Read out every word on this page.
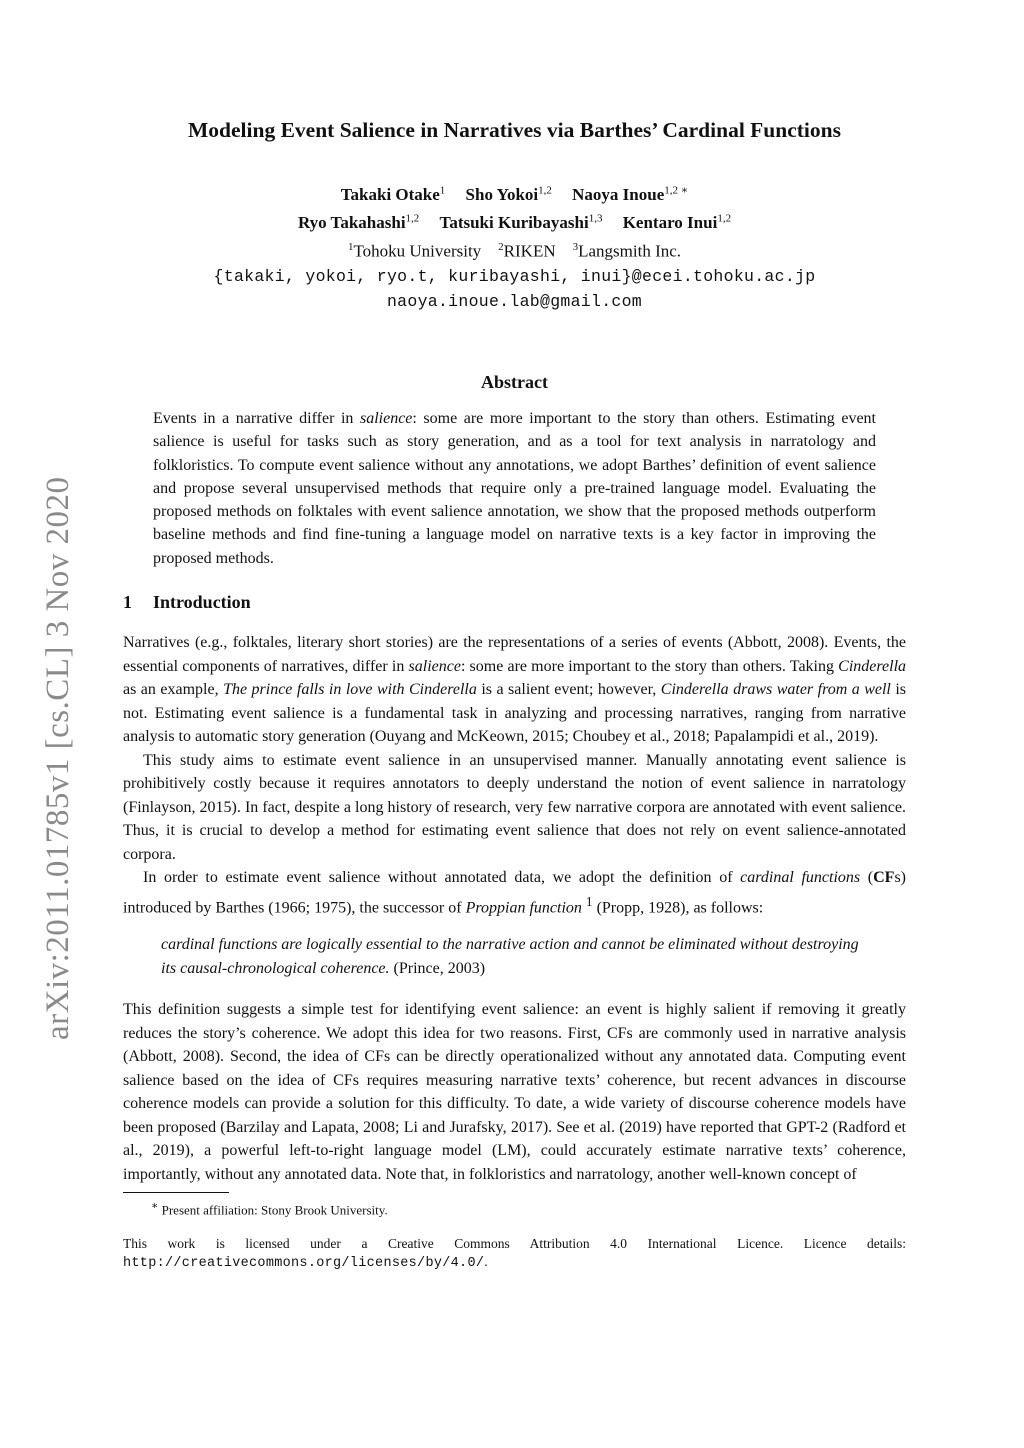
arXiv:2011.01785v1 [cs.CL] 3 Nov 2020
Modeling Event Salience in Narratives via Barthes’ Cardinal Functions
Takaki Otake$^1$ Sho Yokoi$^{1,2}$ Naoya Inoue$^{1,2 ∗}$
Ryo Takahashi$^{1,2}$ Tatsuki Kuribayashi$^{1,3}$ Kentaro Inui$^{1,2}$
$^1$Tohoku University $^2$RIKEN $^3$Langsmith Inc.
{takaki, yokoi, ryo.t, kuribayashi, inui}@ecei.tohoku.ac.jp
naoya.inoue.lab@gmail.com
Abstract

Events in a narrative differ in salience: some are more important to the story than others. Estimating event salience is useful for tasks such as story generation, and as a tool for text analysis in narratology and folkloristics. To compute event salience without any annotations, we adopt Barthes’ definition of event salience and propose several unsupervised methods that require only a pre-trained language model. Evaluating the proposed methods on folktales with event salience annotation, we show that the proposed methods outperform baseline methods and find fine-tuning a language model on narrative texts is a key factor in improving the proposed methods.

1 Introduction

Narratives (e.g., folktales, literary short stories) are the representations of a series of events (Abbott, 2008). Events, the essential components of narratives, differ in salience: some are more important to the story than others. Taking Cinderella as an example, The prince falls in love with Cinderella is a salient event; however, Cinderella draws water from a well is not. Estimating event salience is a fundamental task in analyzing and processing narratives, ranging from narrative analysis to automatic story generation (Ouyang and McKeown, 2015; Choubey et al., 2018; Papalampidi et al., 2019).

This study aims to estimate event salience in an unsupervised manner. Manually annotating event salience is prohibitively costly because it requires annotators to deeply understand the notion of event salience in narratology (Finlayson, 2015). In fact, despite a long history of research, very few narrative corpora are annotated with event salience. Thus, it is crucial to develop a method for estimating event salience that does not rely on event salience-annotated corpora.

In order to estimate event salience without annotated data, we adopt the definition of cardinal functions (CFs) introduced by Barthes (1966; 1975), the successor of Proppian function $^1$ (Propp, 1928), as follows:

cardinal functions are logically essential to the narrative action and cannot be eliminated without destroying its causal-chronological coherence. (Prince, 2003)

This definition suggests a simple test for identifying event salience: an event is highly salient if removing it greatly reduces the story’s coherence. We adopt this idea for two reasons. First, CFs are commonly used in narrative analysis (Abbott, 2008). Second, the idea of CFs can be directly operationalized without any annotated data. Computing event salience based on the idea of CFs requires measuring narrative texts’ coherence, but recent advances in discourse coherence models can provide a solution for this difficulty. To date, a wide variety of discourse coherence models have been proposed (Barzilay and Lapata, 2008; Li and Jurafsky, 2017). See et al. (2019) have reported that GPT-2 (Radford et al., 2019), a powerful left-to-right language model (LM), could accurately estimate narrative texts’ coherence, importantly, without any annotated data. Note that, in folkloristics and narratology, another well-known concept of

∗ Present affiliation: Stony Brook University.
This work is licensed under a Creative Commons Attribution 4.0 International Licence. Licence details: http://creativecommons.org/licenses/by/4.0/.
